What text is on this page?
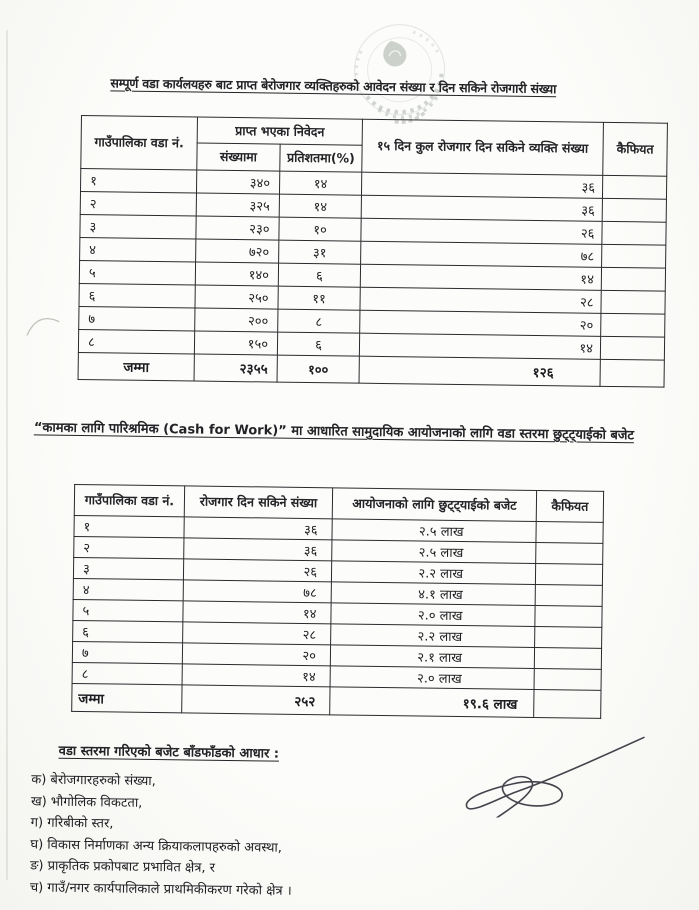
सम्पूर्ण वडा कार्यलयहरु बाट प्राप्त बेरोजगार व्यक्तिहरुको आवेदन संख्या र दिन सकिने रोजगारी संख्या
गाउँपालिका वडा नं.	प्राप्त भएका निवेदन		१५ दिन कुल रोजगार दिन सकिने व्यक्ति संख्या	कैफियत
	संख्यामा	प्रतिशतमा(%)		
१	३४०	१४	३६	
२	३२५	१४	३६	
३	२३०	१०	२६	
४	७२०	३१	७८	
५	१४०	६	१४	
६	२५०	११	२८	
७	२००	८	२०	
८	१५०	६	१४	
जम्मा	२३५५	१००	१२६	
“कामका लागि पारिश्रमिक (Cash for Work)” मा आधारित सामुदायिक आयोजनाको लागि वडा स्तरमा छुट्ट्याईको बजेट
गाउँपालिका वडा नं.	रोजगार दिन सकिने संख्या	आयोजनाको लागि छुट्ट्याईको बजेट	कैफियत
१	३६	२.५ लाख	
२	३६	२.५ लाख	
३	२६	२.२ लाख	
४	७८	४.१ लाख	
५	१४	२.० लाख	
६	२८	२.२ लाख	
७	२०	२.१ लाख	
८	१४	२.० लाख	
जम्मा	२५२	१९.६ लाख	
वडा स्तरमा गरिएको बजेट बाँडफाँडको आधार :
क) बेरोजगारहरुको संख्या,
ख) भौगोलिक विकटता,
ग) गरिबीको स्तर,
घ) विकास निर्माणका अन्य क्रियाकलापहरुको अवस्था,
ङ) प्राकृतिक प्रकोपबाट प्रभावित क्षेत्र, र
च) गाउँ/नगर कार्यपालिकाले प्राथमिकीकरण गरेको क्षेत्र ।
